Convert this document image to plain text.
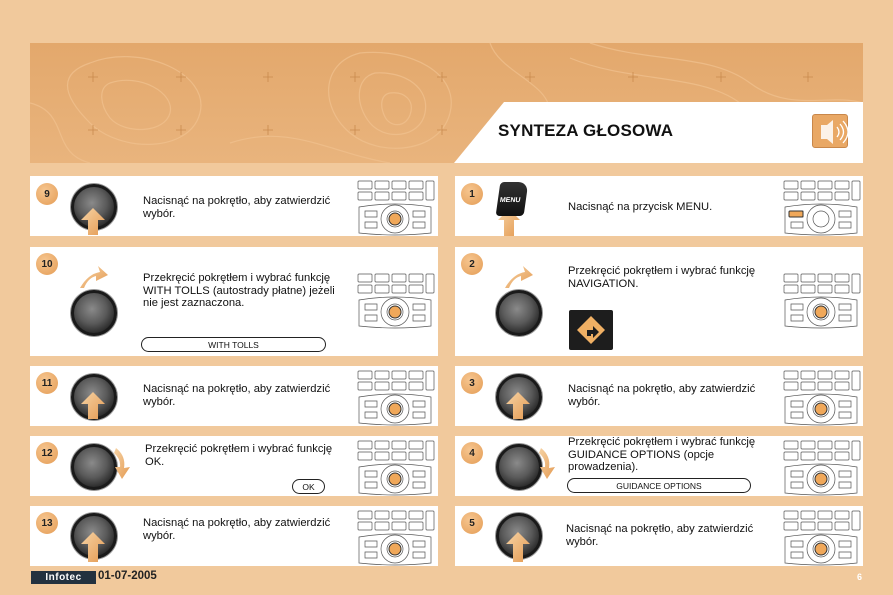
SYNTEZA GŁOSOWA
9
10
11
12
13
1
2
3
4
5
MENU
Nacisnąć na pokrętło, aby zatwierdzić wybór.
Przekręcić pokrętłem i wybrać funkcję WITH TOLLS (autostrady płatne) jeżeli nie jest zaznaczona.
Nacisnąć na pokrętło, aby zatwierdzić wybór.
Przekręcić pokrętłem i wybrać funkcję OK.
Nacisnąć na pokrętło, aby zatwierdzić wybór.
Nacisnąć na przycisk MENU.
Przekręcić pokrętłem i wybrać funkcję NAVIGATION.
Nacisnąć na pokrętło, aby zatwierdzić wybór.
Przekręcić pokrętłem i wybrać funkcję GUIDANCE OPTIONS (opcje prowadzenia).
Nacisnąć na pokrętło, aby zatwierdzić wybór.
WITH TOLLS
OK	GUIDANCE OPTIONS
Infotec	01-07-2005	6
